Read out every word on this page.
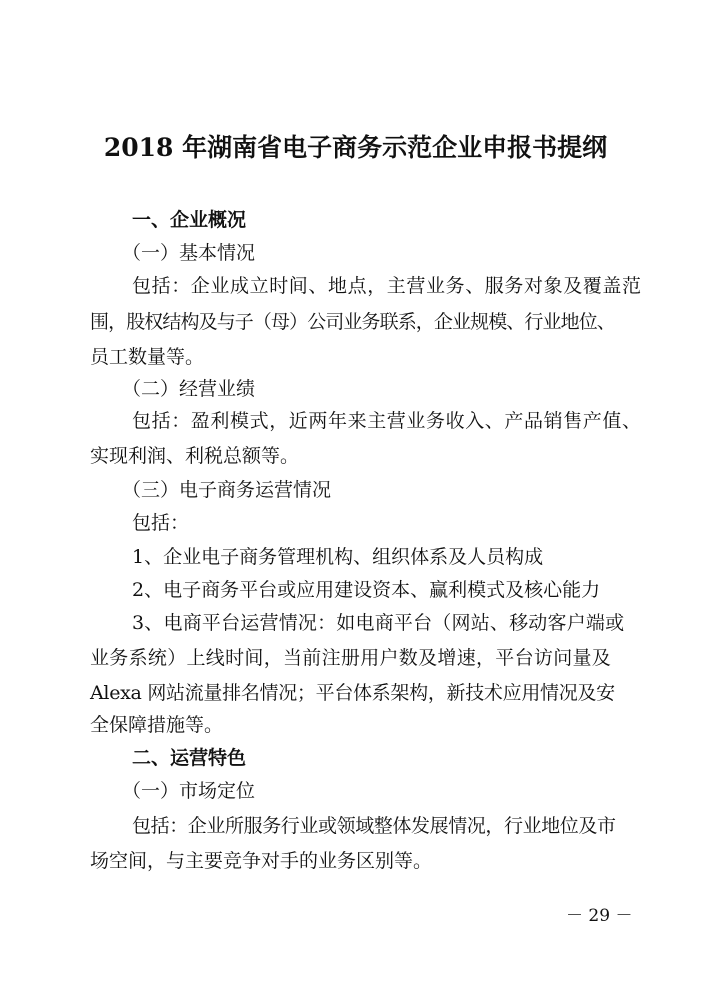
2018 年湖南省电子商务示范企业申报书提纲
一、企业概况
（一）基本情况
包括：企业成立时间、地点，主营业务、服务对象及覆盖范
围，股权结构及与子（母）公司业务联系，企业规模、行业地位、
员工数量等。
（二）经营业绩
包括：盈利模式，近两年来主营业务收入、产品销售产值、
实现利润、利税总额等。
（三）电子商务运营情况
包括：
1、企业电子商务管理机构、组织体系及人员构成
2、电子商务平台或应用建设资本、赢利模式及核心能力
3、电商平台运营情况：如电商平台（网站、移动客户端或
业务系统）上线时间，当前注册用户数及增速，平台访问量及
Alexa 网站流量排名情况；平台体系架构，新技术应用情况及安
全保障措施等。
二、运营特色
（一）市场定位
包括：企业所服务行业或领域整体发展情况，行业地位及市
场空间，与主要竞争对手的业务区别等。
－ 29 －
